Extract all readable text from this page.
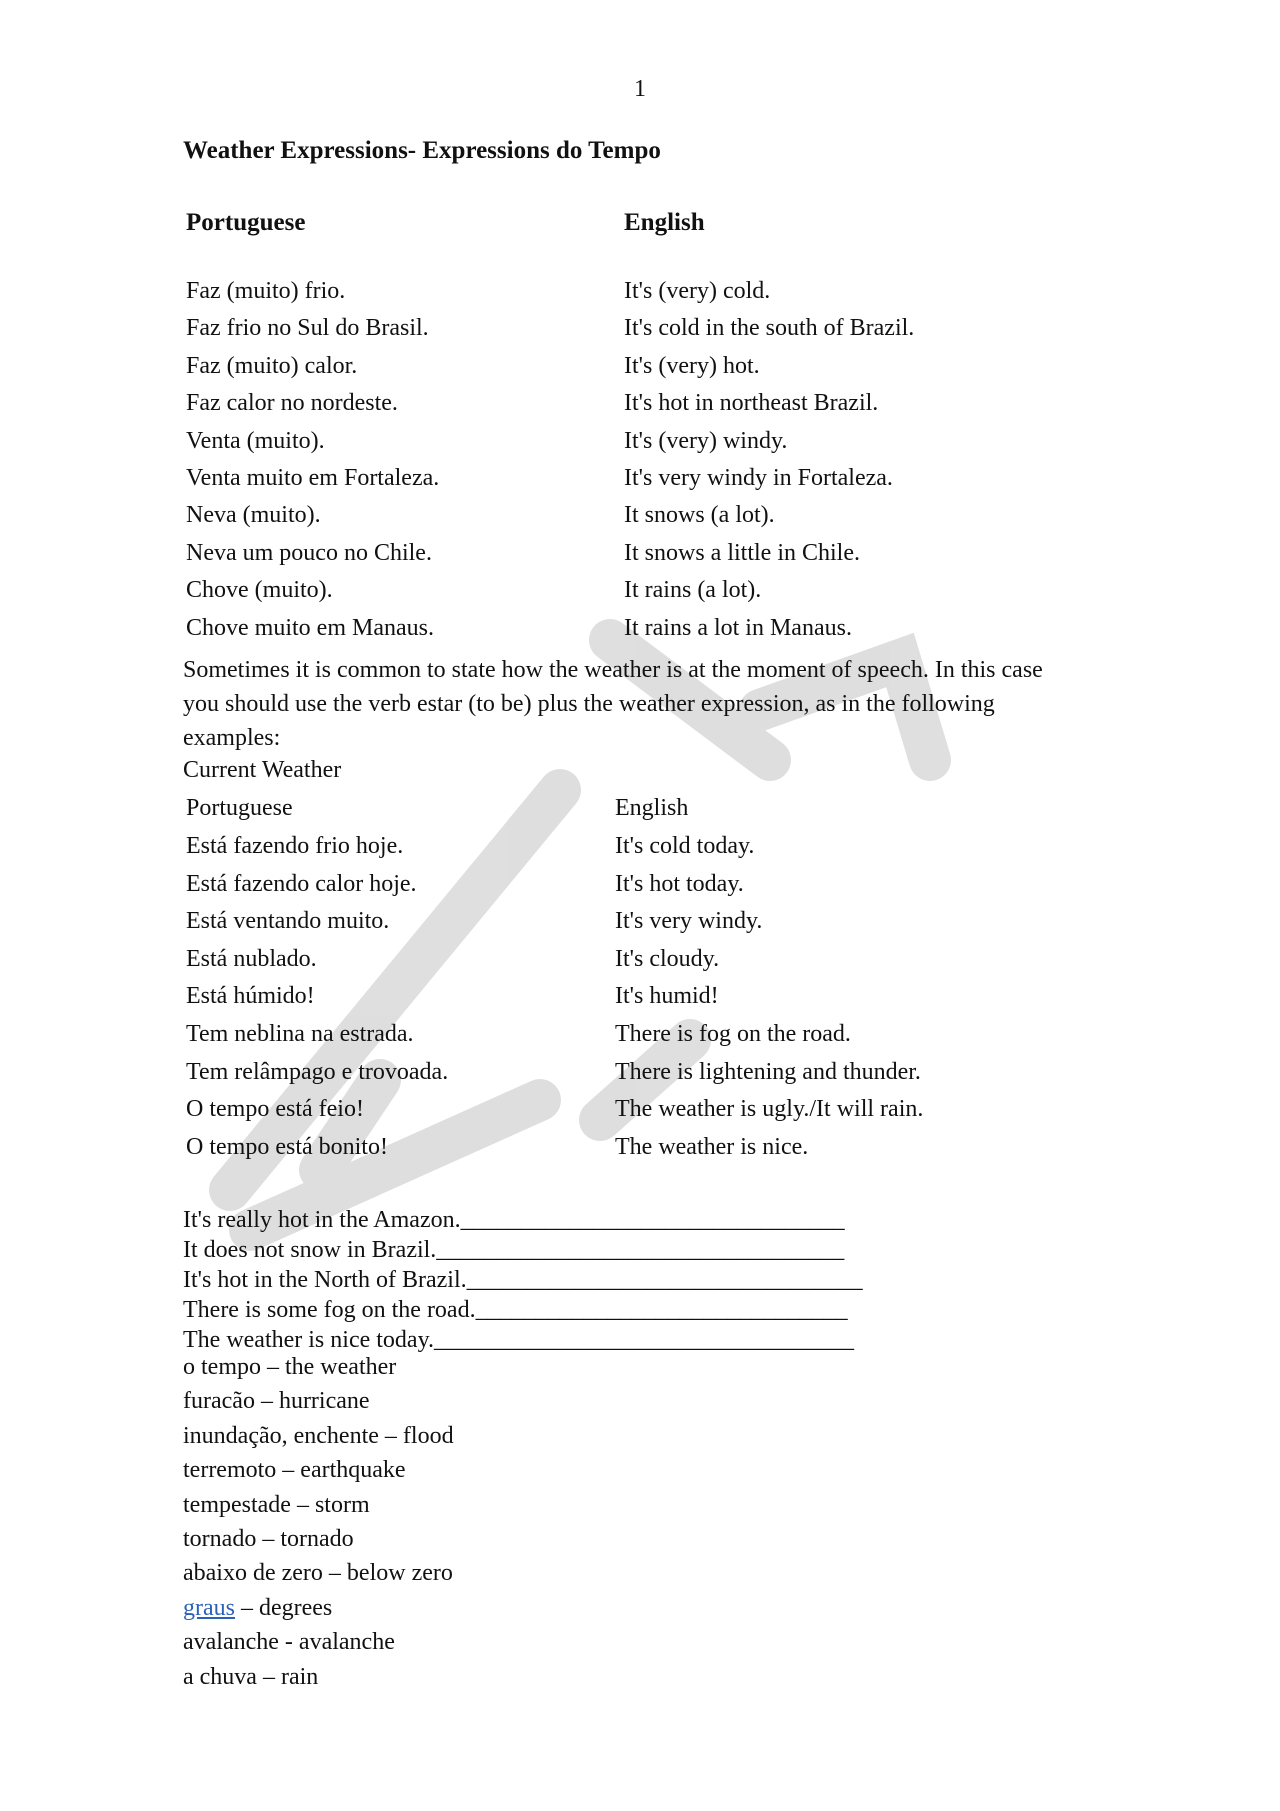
1
Weather Expressions- Expressions do Tempo
Portuguese	English
Faz (muito) frio.	It's (very) cold.
Faz frio no Sul do Brasil.	It's cold in the south of Brazil.
Faz (muito) calor.	It's (very) hot.
Faz calor no nordeste.	It's hot in northeast Brazil.
Venta (muito).	It's (very) windy.
Venta muito em Fortaleza.	It's very windy in Fortaleza.
Neva (muito).	It snows (a lot).
Neva um pouco no Chile.	It snows a little in Chile.
Chove (muito).	It rains (a lot).
Chove muito em Manaus.	It rains a lot in Manaus.
Sometimes it is common to state how the weather is at the moment of speech. In this case
you should use the verb estar (to be) plus the weather expression, as in the following
examples:
Current Weather
Portuguese	English
Está fazendo frio hoje.	It's cold today.
Está fazendo calor hoje.	It's hot today.
Está ventando muito.	It's very windy.
Está nublado.	It's cloudy.
Está húmido!	It's humid!
Tem neblina na estrada.	There is fog on the road.
Tem relâmpago e trovoada.	There is lightening and thunder.
O tempo está feio!	The weather is ugly./It will rain.
O tempo está bonito!	The weather is nice.
It's really hot in the Amazon.________________________________
It does not snow in Brazil.__________________________________
It's hot in the North of Brazil._________________________________
There is some fog on the road._______________________________
The weather is nice today.___________________________________
o tempo – the weather
furacão – hurricane
inundação, enchente – flood
terremoto – earthquake
tempestade – storm
tornado – tornado
abaixo de zero – below zero
graus – degrees
avalanche - avalanche
a chuva – rain
